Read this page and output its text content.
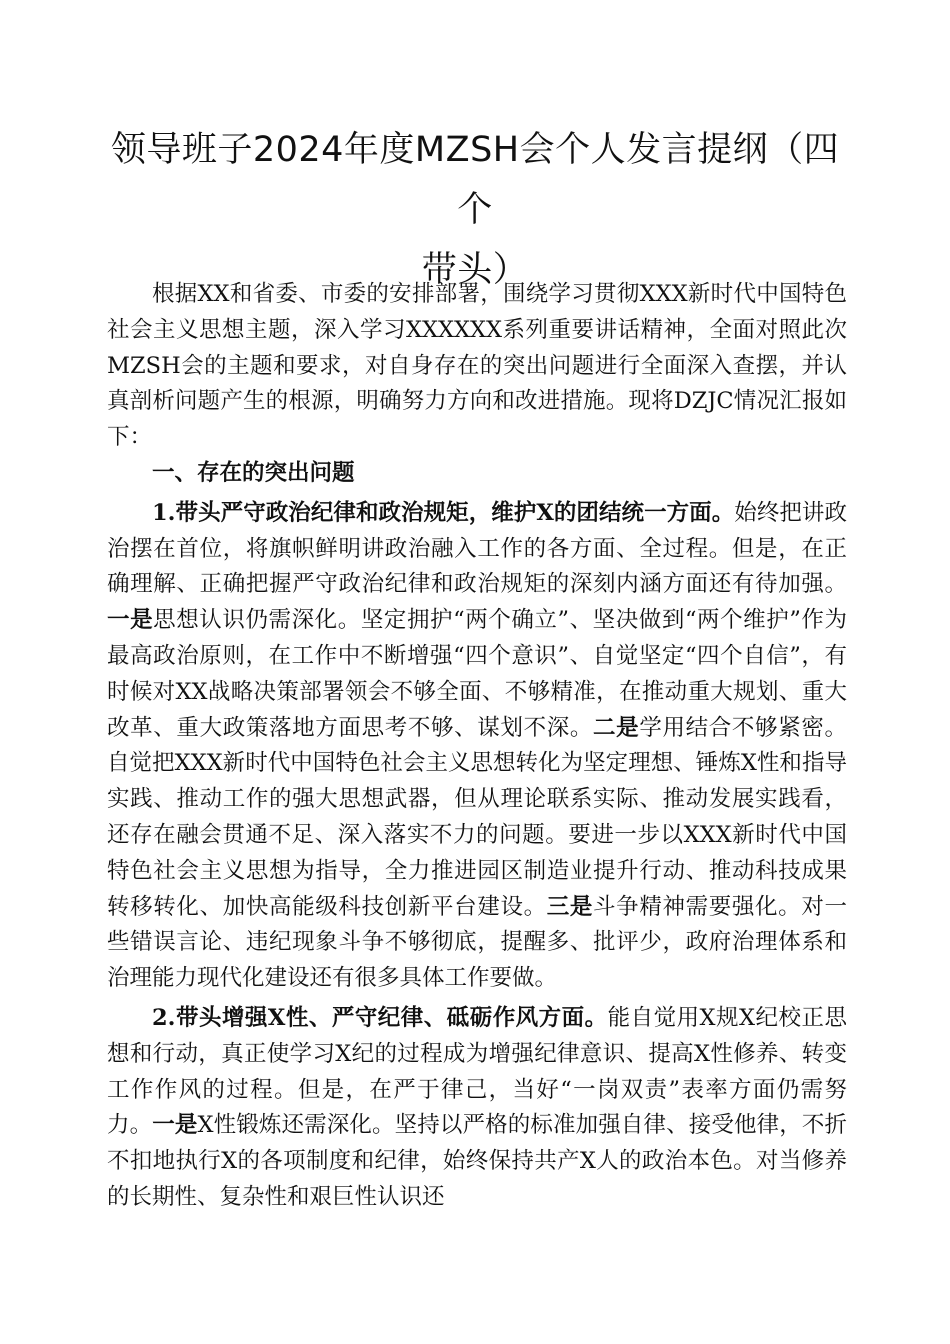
领导班子2024年度MZSH会个人发言提纲（四个
带头）

根据XX和省委、市委的安排部署，围绕学习贯彻XXX新时代中国特色社会主义思想主题，深入学习XXXXXX系列重要讲话精神，全面对照此次MZSH会的主题和要求，对自身存在的突出问题进行全面深入查摆，并认真剖析问题产生的根源，明确努力方向和改进措施。现将DZJC情况汇报如下：

一、存在的突出问题

1.带头严守政治纪律和政治规矩，维护X的团结统一方面。始终把讲政治摆在首位，将旗帜鲜明讲政治融入工作的各方面、全过程。但是，在正确理解、正确把握严守政治纪律和政治规矩的深刻内涵方面还有待加强。一是思想认识仍需深化。坚定拥护“两个确立”、坚决做到“两个维护”作为最高政治原则，在工作中不断增强“四个意识”、自觉坚定“四个自信”，有时候对XX战略决策部署领会不够全面、不够精准，在推动重大规划、重大改革、重大政策落地方面思考不够、谋划不深。二是学用结合不够紧密。自觉把XXX新时代中国特色社会主义思想转化为坚定理想、锤炼X性和指导实践、推动工作的强大思想武器，但从理论联系实际、推动发展实践看，还存在融会贯通不足、深入落实不力的问题。要进一步以XXX新时代中国特色社会主义思想为指导，全力推进园区制造业提升行动、推动科技成果转移转化、加快高能级科技创新平台建设。三是斗争精神需要强化。对一些错误言论、违纪现象斗争不够彻底，提醒多、批评少，政府治理体系和治理能力现代化建设还有很多具体工作要做。

2.带头增强X性、严守纪律、砥砺作风方面。能自觉用X规X纪校正思想和行动，真正使学习X纪的过程成为增强纪律意识、提高X性修养、转变工作作风的过程。但是，在严于律己，当好“一岗双责”表率方面仍需努力。一是X性锻炼还需深化。坚持以严格的标准加强自律、接受他律，不折不扣地执行X的各项制度和纪律，始终保持共产X人的政治本色。对当修养的长期性、复杂性和艰巨性认识还
